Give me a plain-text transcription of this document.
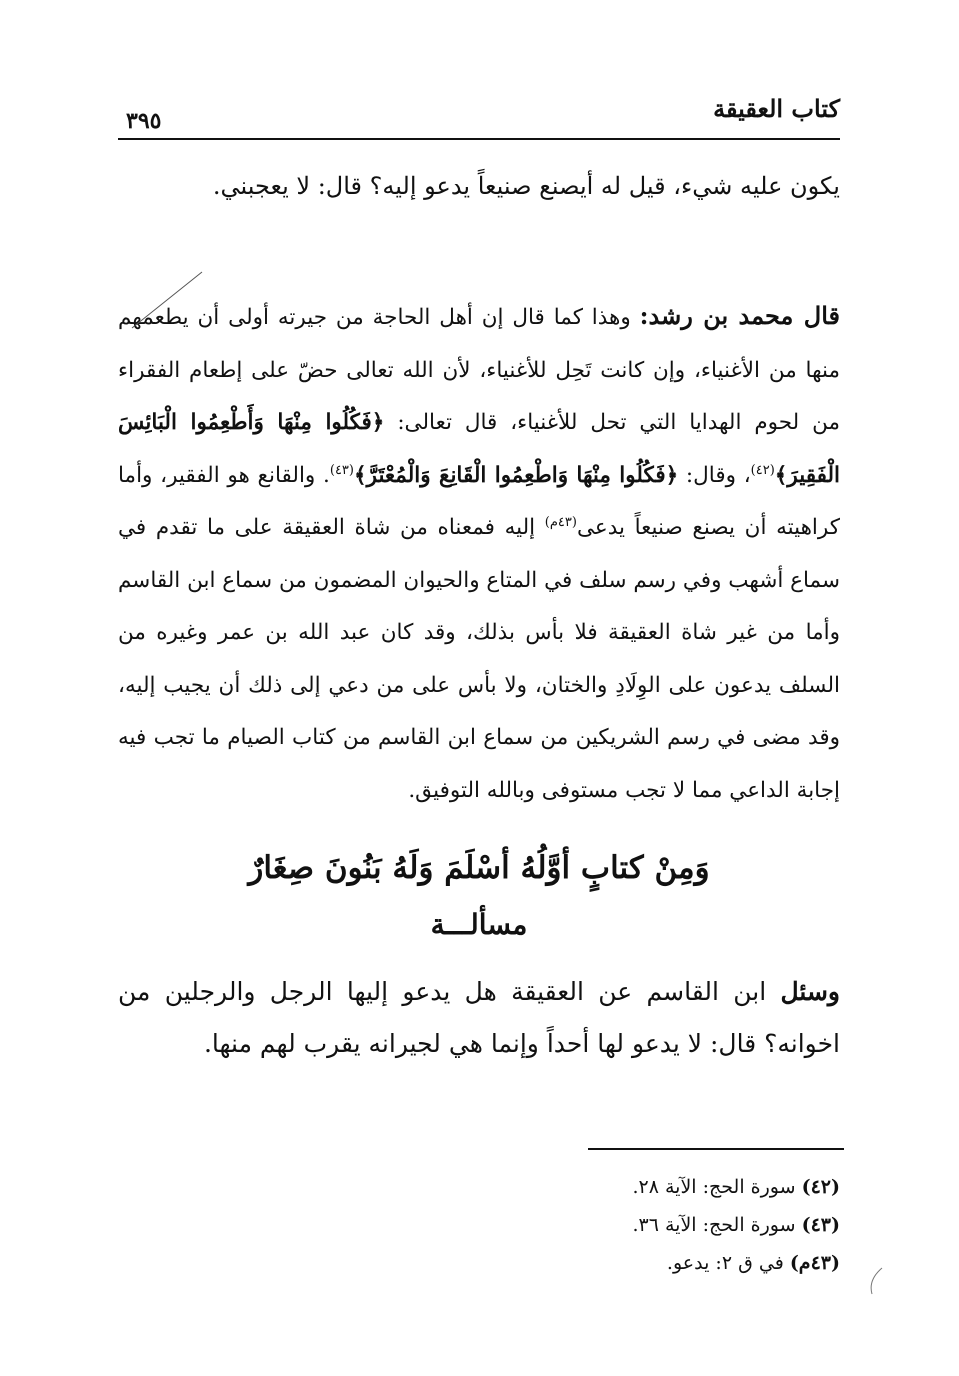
كتاب العقيقة
٣٩٥
يكون عليه شيء، قيل له أيصنع صنيعاً يدعو إليه؟ قال: لا يعجبني.
قال محمد بن رشد: وهذا كما قال إن أهل الحاجة من جيرته أولى أن يطعمهم منها من الأغنياء، وإن كانت تَحِل للأغنياء، لأن الله تعالى حضّ على إطعام الفقراء من لحوم الهدايا التي تحل للأغنياء، قال تعالى: ﴿فَكُلُوا مِنْهَا وَأَطْعِمُوا الْبَائِسَ الْفَقِيرَ﴾$^{(٤٢)}$، وقال: ﴿فَكُلُوا مِنْهَا وَاطْعِمُوا الْقَانِعَ وَالْمُعْتَرَّ﴾$^{(٤٣)}$. والقانع هو الفقير، وأما كراهيته أن يصنع صنيعاً يدعى$^{(٤٣م)}$ إليه فمعناه من شاة العقيقة على ما تقدم في سماع أشهب وفي رسم سلف في المتاع والحيوان المضمون من سماع ابن القاسم وأما من غير شاة العقيقة فلا بأس بذلك، وقد كان عبد الله بن عمر وغيره من السلف يدعون على الوِلَادِ والختان، ولا بأس على من دعي إلى ذلك أن يجيب إليه، وقد مضى في رسم الشريكين من سماع ابن القاسم من كتاب الصيام ما تجب فيه إجابة الداعي مما لا تجب مستوفى وبالله التوفيق.
وَمِنْ كتابٍ أوَّلُهُ أسْلَمَ وَلَهُ بَنُونَ صِغَارٌ
مسألـــة
وسئل ابن القاسم عن العقيقة هل يدعو إليها الرجل والرجلين من اخوانه؟ قال: لا يدعو لها أحداً وإنما هي لجيرانه يقرب لهم منها.
(٤٢) سورة الحج: الآية ٢٨.
(٤٣) سورة الحج: الآية ٣٦.
(٤٣م) في ق ٢: يدعو.
